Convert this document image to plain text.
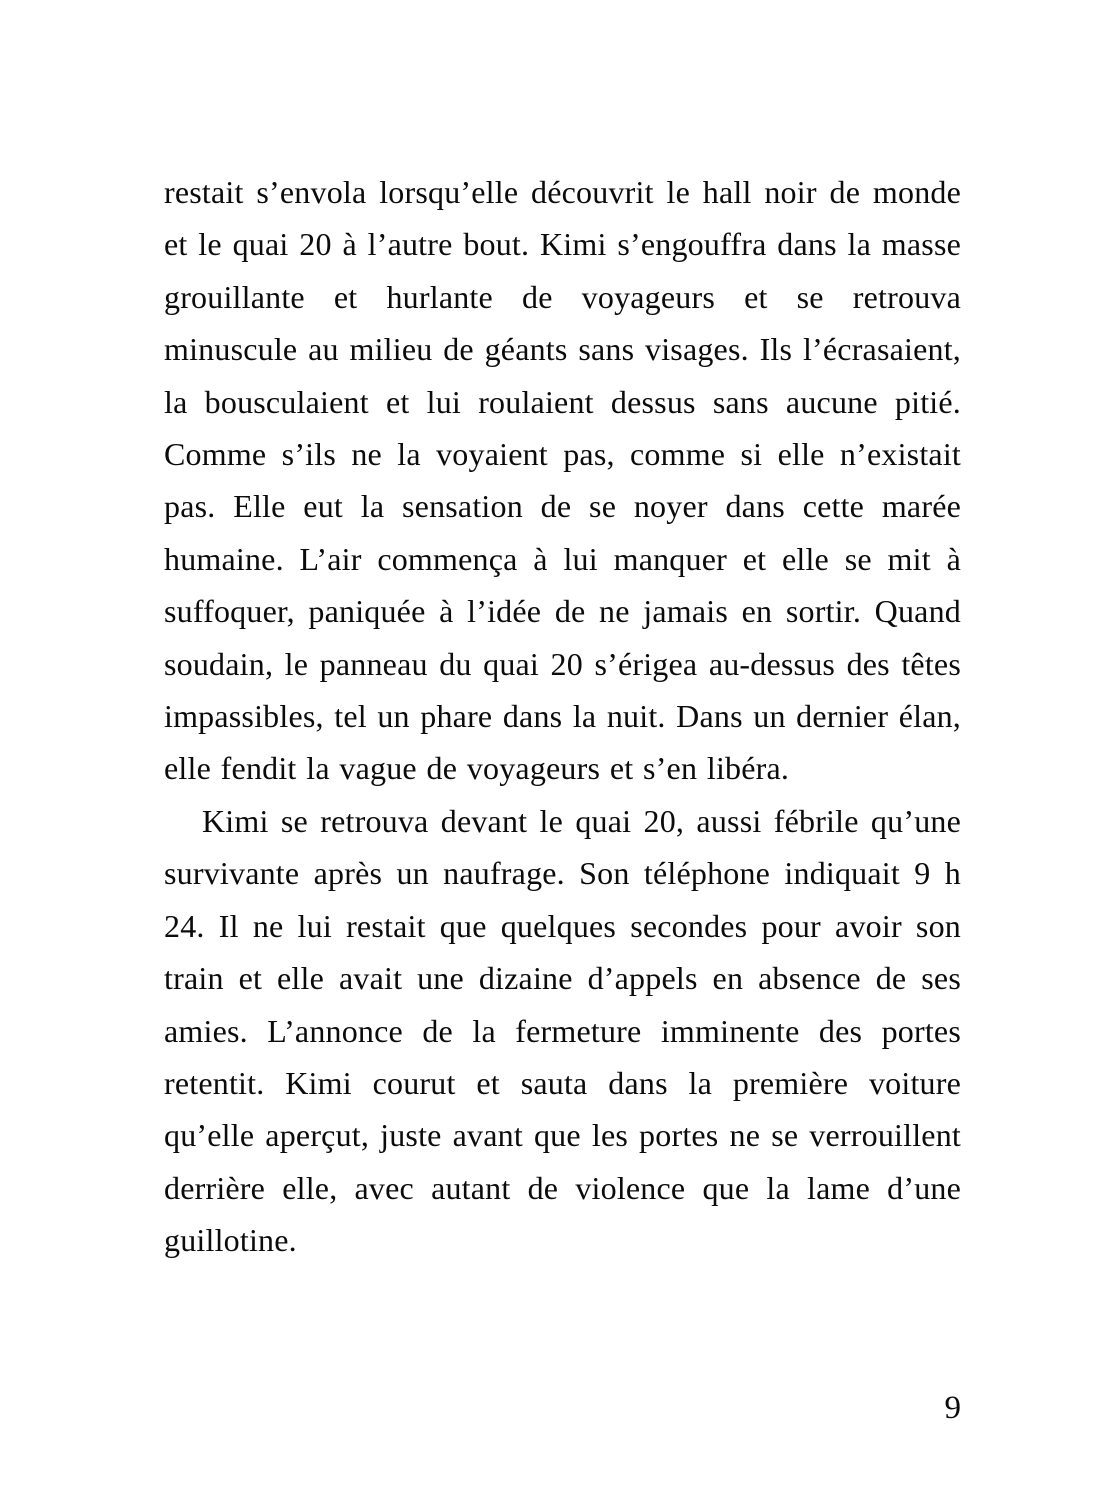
restait s’envola lorsqu’elle découvrit le hall noir de monde et le quai 20 à l’autre bout. Kimi s’engouffra dans la masse grouillante et hurlante de voyageurs et se retrouva minuscule au milieu de géants sans visages. Ils l’écrasaient, la bousculaient et lui roulaient dessus sans aucune pitié. Comme s’ils ne la voyaient pas, comme si elle n’existait pas. Elle eut la sensation de se noyer dans cette marée humaine. L’air commença à lui manquer et elle se mit à suffoquer, paniquée à l’idée de ne jamais en sortir. Quand soudain, le panneau du quai 20 s’érigea au-dessus des têtes impassibles, tel un phare dans la nuit. Dans un dernier élan, elle fendit la vague de voyageurs et s’en libéra.

Kimi se retrouva devant le quai 20, aussi fébrile qu’une survivante après un naufrage. Son téléphone indiquait 9 h 24. Il ne lui restait que quelques secondes pour avoir son train et elle avait une dizaine d’appels en absence de ses amies. L’annonce de la fermeture imminente des portes retentit. Kimi courut et sauta dans la première voiture qu’elle aperçut, juste avant que les portes ne se verrouillent derrière elle, avec autant de violence que la lame d’une guillotine.

9
